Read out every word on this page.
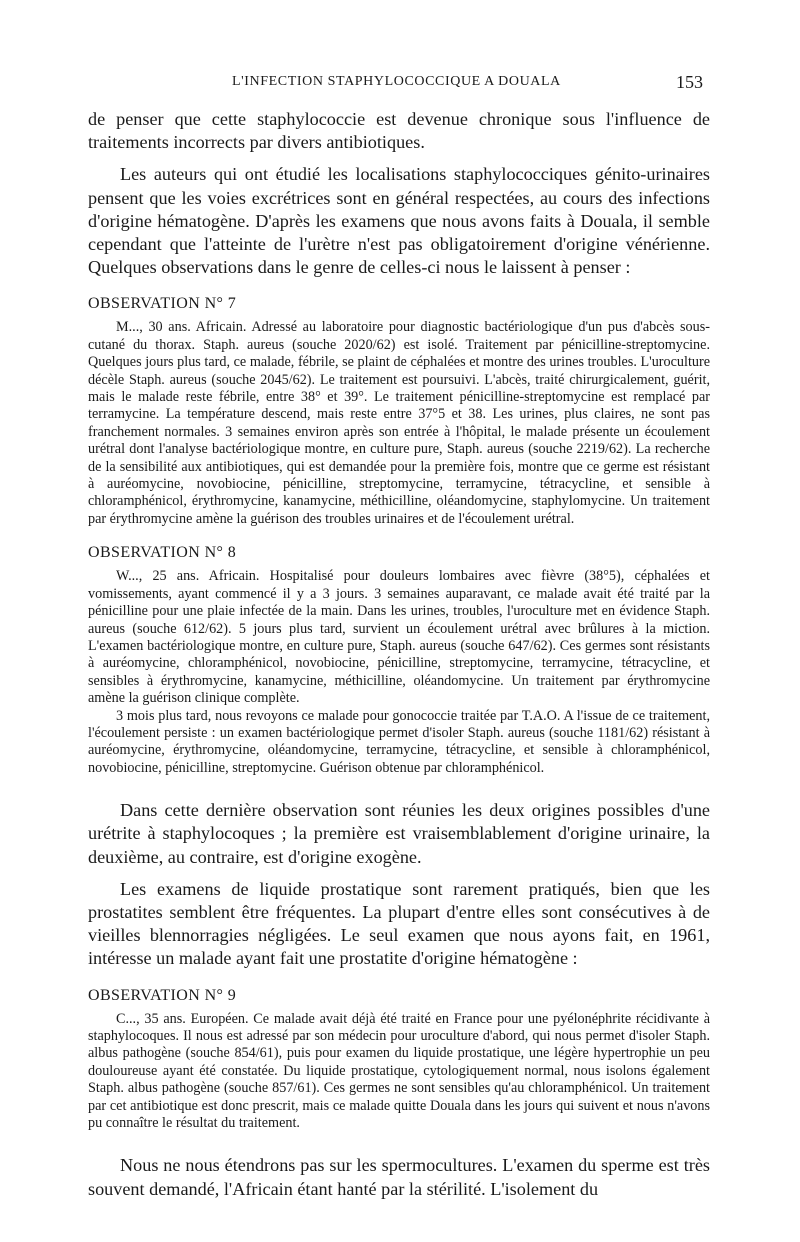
L'INFECTION STAPHYLOCOCCIQUE A DOUALA	153

de penser que cette staphylococcie est devenue chronique sous l'influence de traitements incorrects par divers antibiotiques.

Les auteurs qui ont étudié les localisations staphylococciques génito-urinaires pensent que les voies excrétrices sont en général respectées, au cours des infections d'origine hématogène. D'après les examens que nous avons faits à Douala, il semble cependant que l'atteinte de l'urètre n'est pas obligatoirement d'origine vénérienne. Quelques observations dans le genre de celles-ci nous le laissent à penser :

OBSERVATION N° 7

M..., 30 ans. Africain. Adressé au laboratoire pour diagnostic bactériologique d'un pus d'abcès sous-cutané du thorax. Staph. aureus (souche 2020/62) est isolé. Traitement par pénicilline-streptomycine. Quelques jours plus tard, ce malade, fébrile, se plaint de céphalées et montre des urines troubles. L'uroculture décèle Staph. aureus (souche 2045/62). Le traitement est poursuivi. L'abcès, traité chirurgicalement, guérit, mais le malade reste fébrile, entre 38° et 39°. Le traitement pénicilline-streptomycine est remplacé par terramycine. La température descend, mais reste entre 37°5 et 38. Les urines, plus claires, ne sont pas franchement normales. 3 semaines environ après son entrée à l'hôpital, le malade présente un écoulement urétral dont l'analyse bactériologique montre, en culture pure, Staph. aureus (souche 2219/62). La recherche de la sensibilité aux antibiotiques, qui est demandée pour la première fois, montre que ce germe est résistant à auréomycine, novobiocine, pénicilline, streptomycine, terramycine, tétracycline, et sensible à chloramphénicol, érythromycine, kanamycine, méthicilline, oléandomycine, staphylomycine. Un traitement par érythromycine amène la guérison des troubles urinaires et de l'écoulement urétral.

OBSERVATION N° 8

W..., 25 ans. Africain. Hospitalisé pour douleurs lombaires avec fièvre (38°5), céphalées et vomissements, ayant commencé il y a 3 jours. 3 semaines auparavant, ce malade avait été traité par la pénicilline pour une plaie infectée de la main. Dans les urines, troubles, l'uroculture met en évidence Staph. aureus (souche 612/62). 5 jours plus tard, survient un écoulement urétral avec brûlures à la miction. L'examen bactériologique montre, en culture pure, Staph. aureus (souche 647/62). Ces germes sont résistants à auréomycine, chloramphénicol, novobiocine, pénicilline, streptomycine, terramycine, tétracycline, et sensibles à érythromycine, kanamycine, méthicilline, oléandomycine. Un traitement par érythromycine amène la guérison clinique complète.

3 mois plus tard, nous revoyons ce malade pour gonococcie traitée par T.A.O. A l'issue de ce traitement, l'écoulement persiste : un examen bactériologique permet d'isoler Staph. aureus (souche 1181/62) résistant à auréomycine, érythromycine, oléandomycine, terramycine, tétracycline, et sensible à chloramphénicol, novobiocine, pénicilline, streptomycine. Guérison obtenue par chloramphénicol.

Dans cette dernière observation sont réunies les deux origines possibles d'une urétrite à staphylocoques ; la première est vraisemblablement d'origine urinaire, la deuxième, au contraire, est d'origine exogène.

Les examens de liquide prostatique sont rarement pratiqués, bien que les prostatites semblent être fréquentes. La plupart d'entre elles sont consécutives à de vieilles blennorragies négligées. Le seul examen que nous ayons fait, en 1961, intéresse un malade ayant fait une prostatite d'origine hématogène :

OBSERVATION N° 9

C..., 35 ans. Européen. Ce malade avait déjà été traité en France pour une pyélonéphrite récidivante à staphylocoques. Il nous est adressé par son médecin pour uroculture d'abord, qui nous permet d'isoler Staph. albus pathogène (souche 854/61), puis pour examen du liquide prostatique, une légère hypertrophie un peu douloureuse ayant été constatée. Du liquide prostatique, cytologiquement normal, nous isolons également Staph. albus pathogène (souche 857/61). Ces germes ne sont sensibles qu'au chloramphénicol. Un traitement par cet antibiotique est donc prescrit, mais ce malade quitte Douala dans les jours qui suivent et nous n'avons pu connaître le résultat du traitement.

Nous ne nous étendrons pas sur les spermocultures. L'examen du sperme est très souvent demandé, l'Africain étant hanté par la stérilité. L'isolement du
